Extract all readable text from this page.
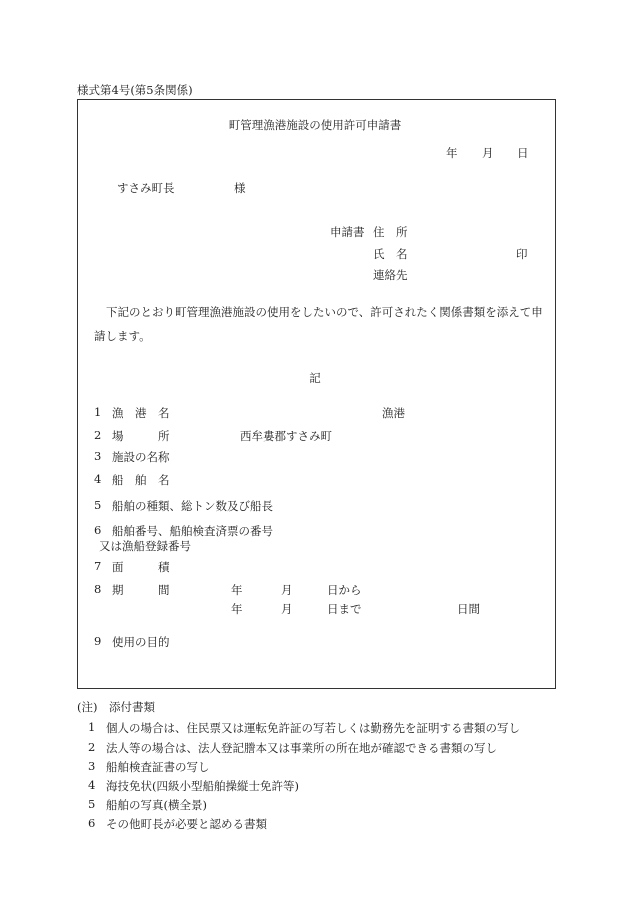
様式第4号(第5条関係)
町管理漁港施設の使用許可申請書
年 月 日
すさみ町長	様
申請書 住　所
氏　名	印
連絡先
下記のとおり町管理漁港施設の使用をしたいので、許可されたく関係書類を添えて申
請します。
記
1 漁　港　名	漁港
2 場　　　所	西牟婁郡すさみ町
3 施設の名称
4 船　舶　名
5 船舶の種類、総トン数及び船長
6 船舶番号、船舶検査済票の番号
又は漁船登録番号
7 面　　　積
8 期　　　間	年	月	日から
年	月	日まで	日間
9 使用の目的
(注)　添付書類
1 個人の場合は、住民票又は運転免許証の写若しくは勤務先を証明する書類の写し
2 法人等の場合は、法人登記謄本又は事業所の所在地が確認できる書類の写し
3 船舶検査証書の写し
4 海技免状(四級小型船舶操縦士免許等)
5 船舶の写真(横全景)
6 その他町長が必要と認める書類
